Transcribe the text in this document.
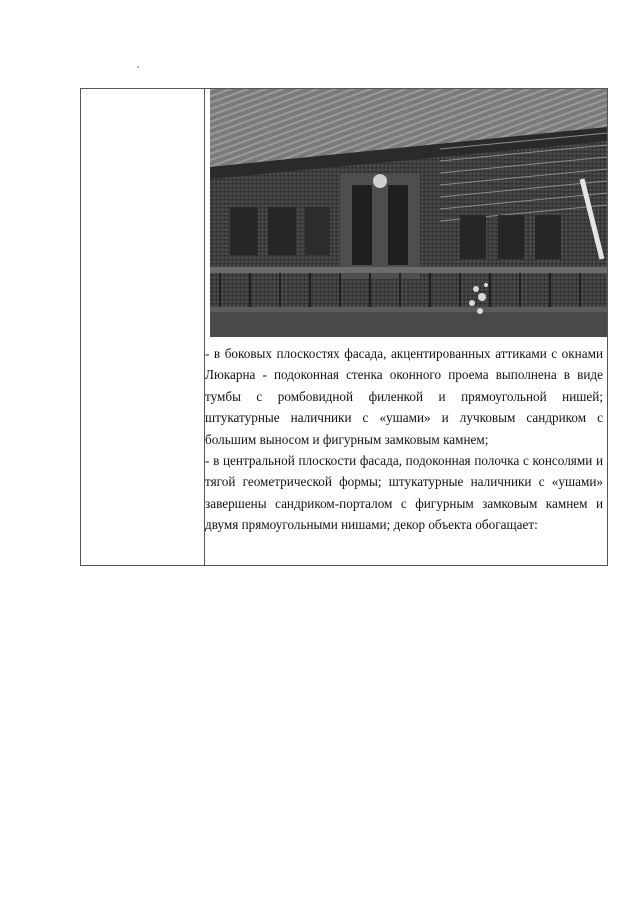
- в боковых плоскостях фасада, акцентированных аттиками с окнами Люкарна - подоконная стенка оконного проема выполнена в виде тумбы с ромбовидной филенкой и прямоугольной нишей; штукатурные наличники с «ушами» и лучковым сандриком с большим выносом и фигурным замковым камнем;

- в центральной плоскости фасада, подоконная полочка с консолями и тягой геометрической формы; штукатурные наличники с «ушами» завершены сандриком-порталом с фигурным замковым камнем и двумя прямоугольными нишами; декор объекта обогащает:
